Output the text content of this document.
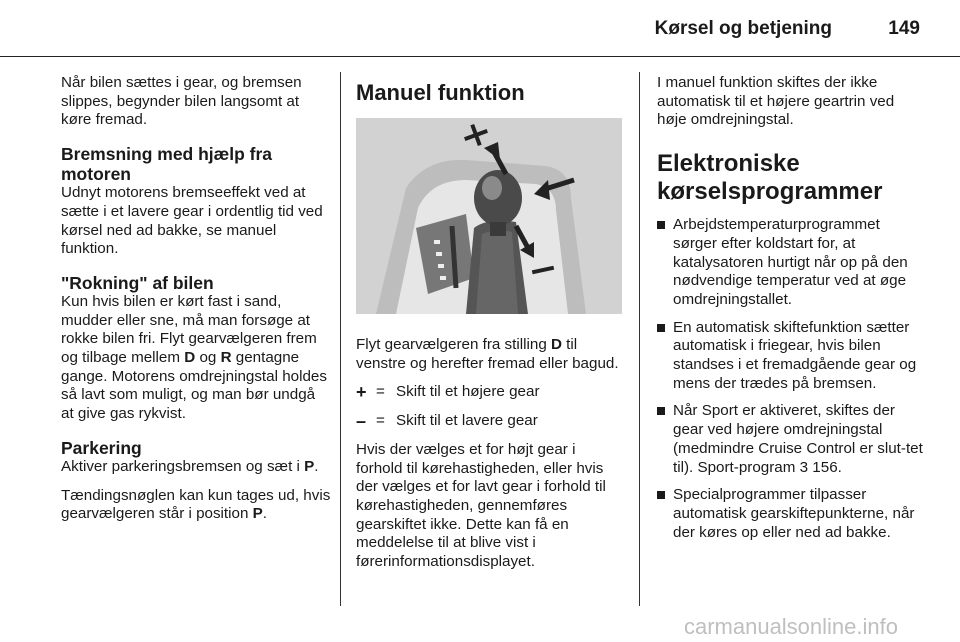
Kørsel og betjening	149

Når bilen sættes i gear, og bremsen slippes, begynder bilen langsomt at køre fremad.

Bremsning med hjælp fra motoren

Udnyt motorens bremseeffekt ved at sætte i et lavere gear i ordentlig tid ved kørsel ned ad bakke, se manuel funktion.

"Rokning" af bilen

Kun hvis bilen er kørt fast i sand, mudder eller sne, må man forsøge at rokke bilen fri. Flyt gearvælgeren frem og tilbage mellem D og R gentagne gange. Motorens omdrejningstal holdes så lavt som muligt, og man bør undgå at give gas rykvist.

Parkering

Aktiver parkeringsbremsen og sæt i P.

Tændingsnøglen kan kun tages ud, hvis gearvælgeren står i position P.

Manuel funktion

Flyt gearvælgeren fra stilling D til venstre og herefter fremad eller bagud.

+ = Skift til et højere gear
– = Skift til et lavere gear

Hvis der vælges et for højt gear i forhold til kørehastigheden, eller hvis der vælges et for lavt gear i forhold til kørehastigheden, gennemføres gearskiftet ikke. Dette kan få en meddelelse til at blive vist i førerinformationsdisplayet.

I manuel funktion skiftes der ikke automatisk til et højere geartrin ved høje omdrejningstal.

Elektroniske kørselsprogrammer
Arbejdstemperaturprogrammet sørger efter koldstart for, at katalysatoren hurtigt når op på den nødvendige temperatur ved at øge omdrejningstallet.
En automatisk skiftefunktion sætter automatisk i friegear, hvis bilen standses i et fremadgående gear og mens der trædes på bremsen.
Når Sport er aktiveret, skiftes der gear ved højere omdrejningstal (medmindre Cruise Control er slut-tet til). Sport-program 3 156.
Specialprogrammer tilpasser automatisk gearskiftepunkterne, når der køres op eller ned ad bakke.
carmanualsonline.info
